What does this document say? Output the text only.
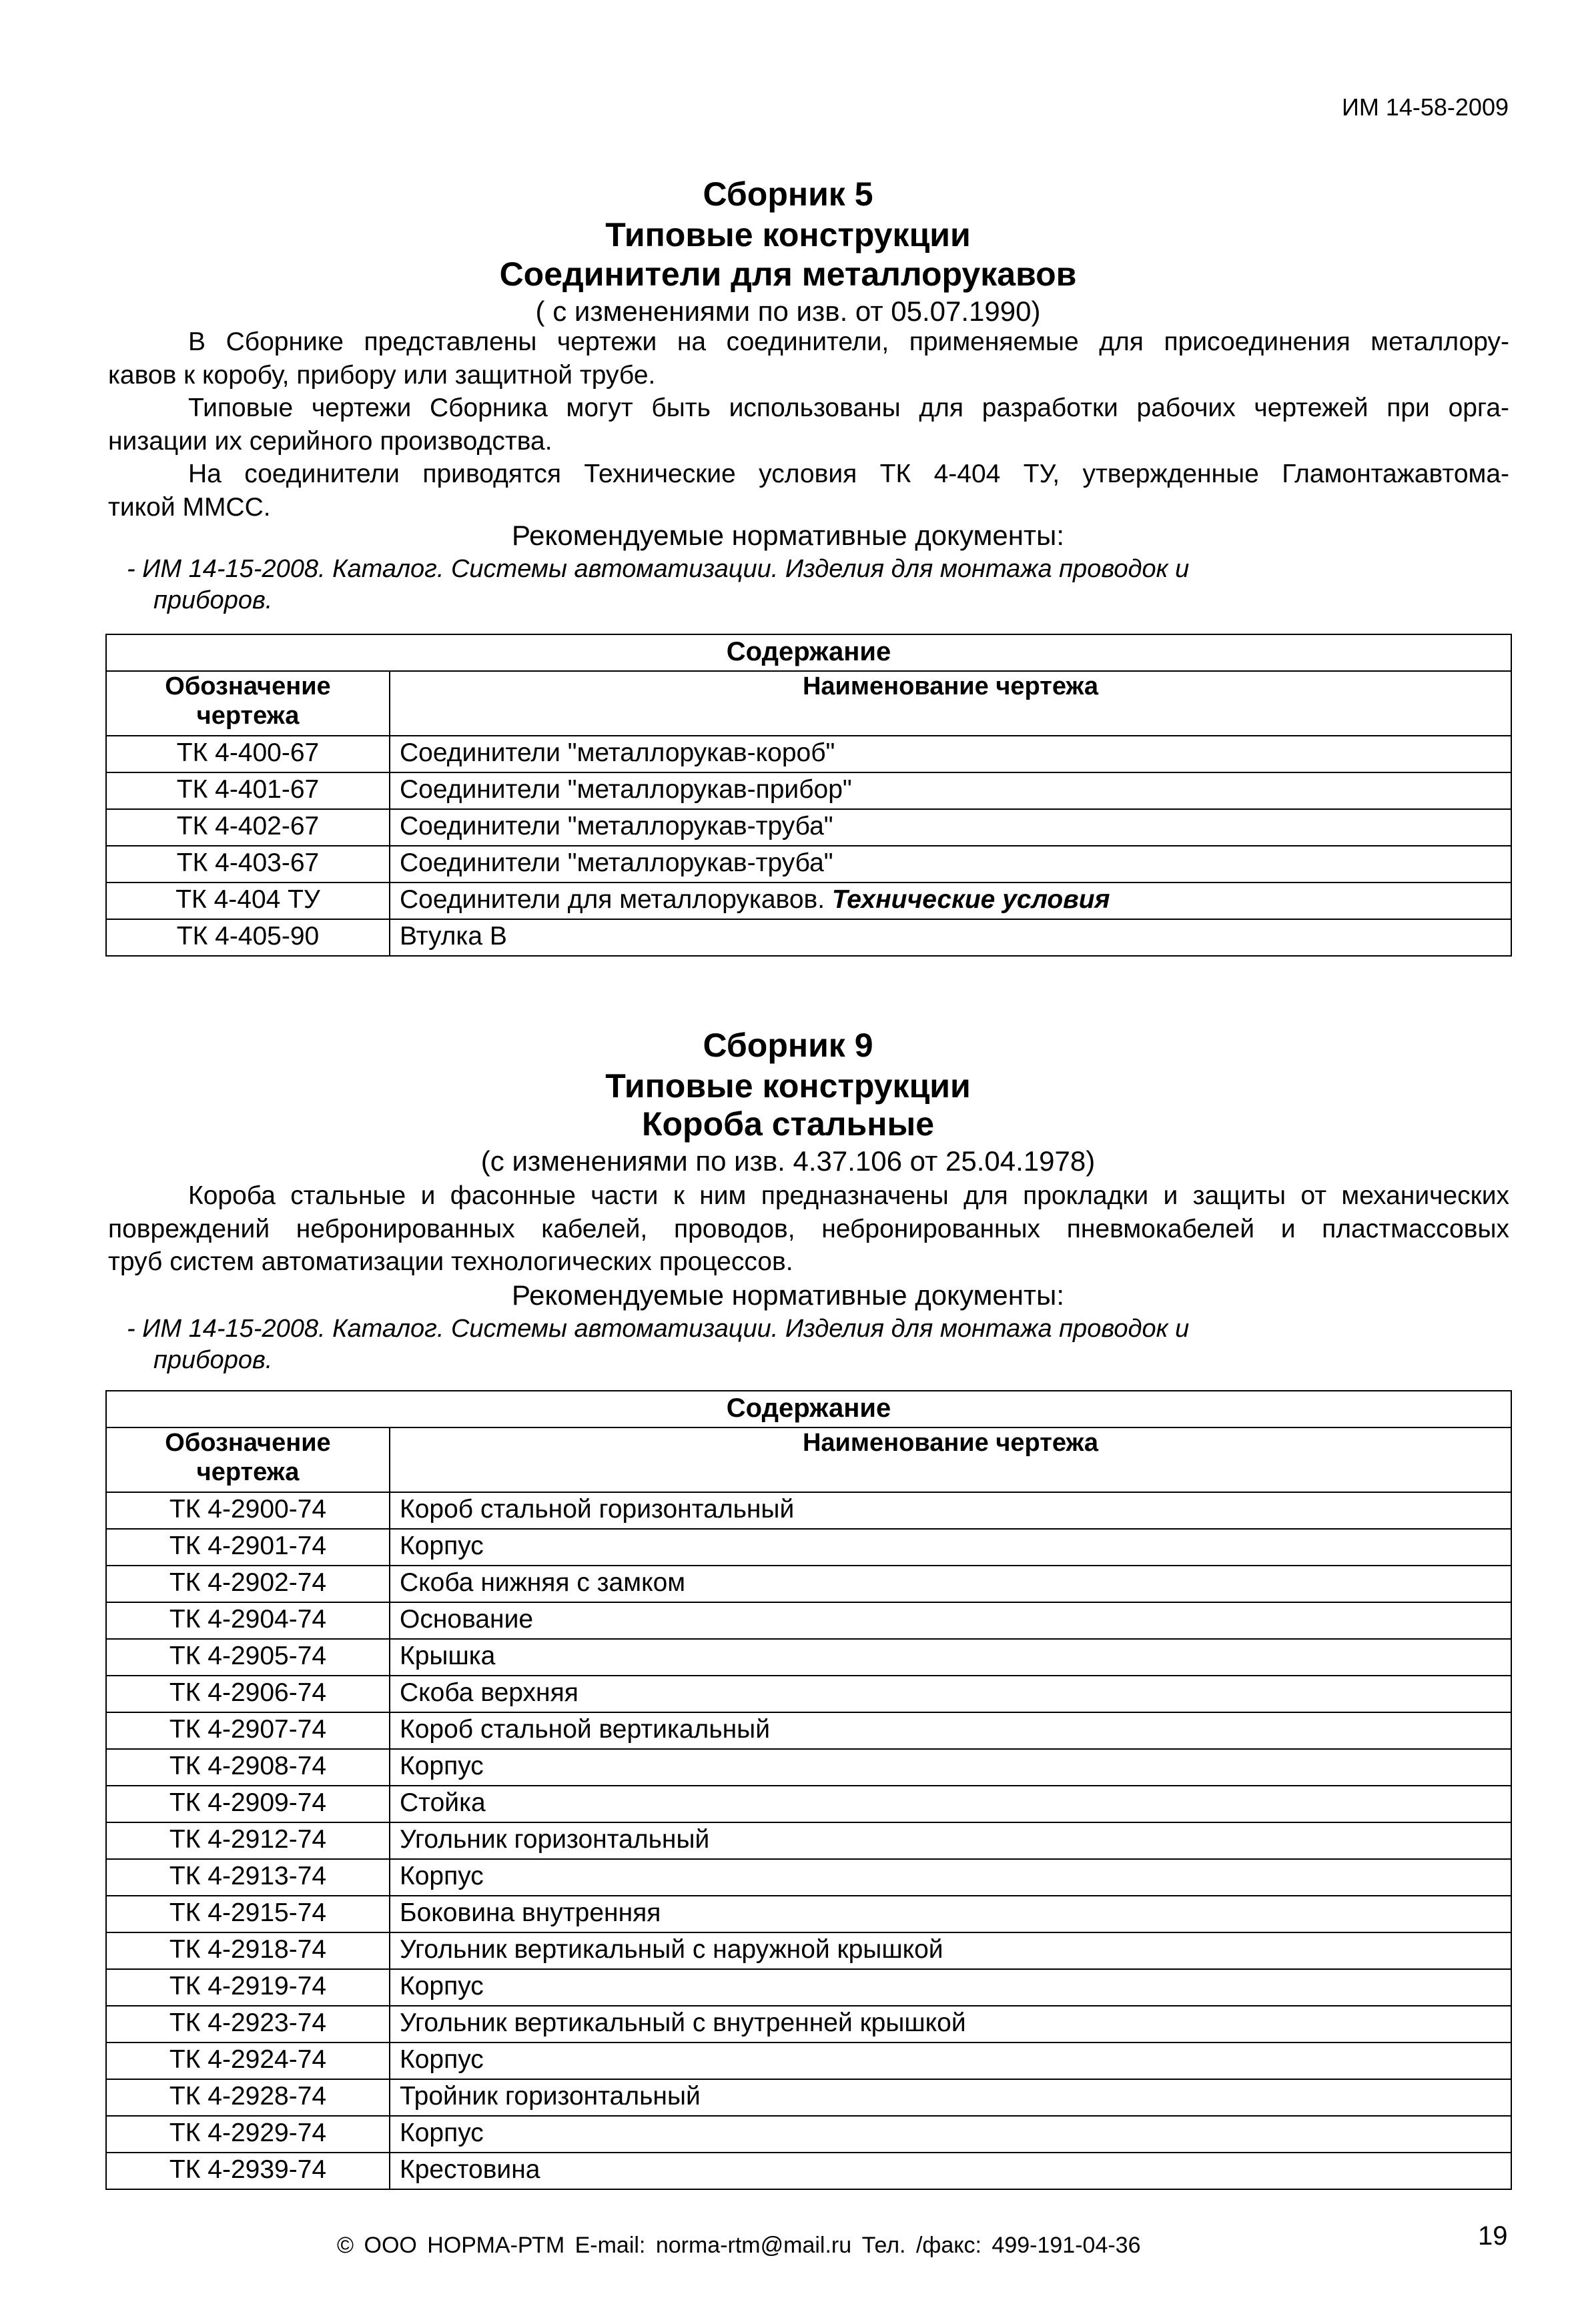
ИМ 14-58-2009
Сборник 5
Типовые конструкции
Соединители для металлорукавов
( с изменениями по изв. от 05.07.1990)
В Сборнике представлены чертежи на соединители, применяемые для присоединения металлору-
кавов к коробу, прибору или защитной трубе.
Типовые чертежи Сборника могут быть использованы для разработки рабочих чертежей при орга-
низации их серийного производства.
На соединители приводятся Технические условия ТК 4-404 ТУ, утвержденные Гламонтажавтома-
тикой ММСС.
Рекомендуемые нормативные документы:
- ИМ 14-15-2008. Каталог. Системы автоматизации. Изделия для монтажа проводок и
приборов.
Содержание	
Обозначение чертежа	Наименование чертежа
ТК 4-400-67	Соединители "металлорукав-короб"
ТК 4-401-67	Соединители "металлорукав-прибор"
ТК 4-402-67	Соединители "металлорукав-труба"
ТК 4-403-67	Соединители "металлорукав-труба"
ТК 4-404 ТУ	Соединители для металлорукавов. Технические условия
ТК 4-405-90	Втулка В
Сборник 9
Типовые конструкции
Короба стальные
(с изменениями по изв. 4.37.106 от 25.04.1978)
Короба стальные и фасонные части к ним предназначены для прокладки и защиты от механических
повреждений небронированных кабелей, проводов, небронированных пневмокабелей и пластмассовых
труб систем автоматизации технологических процессов.
Рекомендуемые нормативные документы:
- ИМ 14-15-2008. Каталог. Системы автоматизации. Изделия для монтажа проводок и
приборов.
Содержание	
Обозначение чертежа	Наименование чертежа
ТК 4-2900-74	Короб стальной горизонтальный
ТК 4-2901-74	Корпус
ТК 4-2902-74	Скоба нижняя с замком
ТК 4-2904-74	Основание
ТК 4-2905-74	Крышка
ТК 4-2906-74	Скоба верхняя
ТК 4-2907-74	Короб стальной вертикальный
ТК 4-2908-74	Корпус
ТК 4-2909-74	Стойка
ТК 4-2912-74	Угольник горизонтальный
ТК 4-2913-74	Корпус
ТК 4-2915-74	Боковина внутренняя
ТК 4-2918-74	Угольник вертикальный с наружной крышкой
ТК 4-2919-74	Корпус
ТК 4-2923-74	Угольник вертикальный с внутренней крышкой
ТК 4-2924-74	Корпус
ТК 4-2928-74	Тройник горизонтальный
ТК 4-2929-74	Корпус
ТК 4-2939-74	Крестовина
© ООО НОРМА-РТМ E-mail: norma-rtm@mail.ru Тел. /факс: 499-191-04-36	19
